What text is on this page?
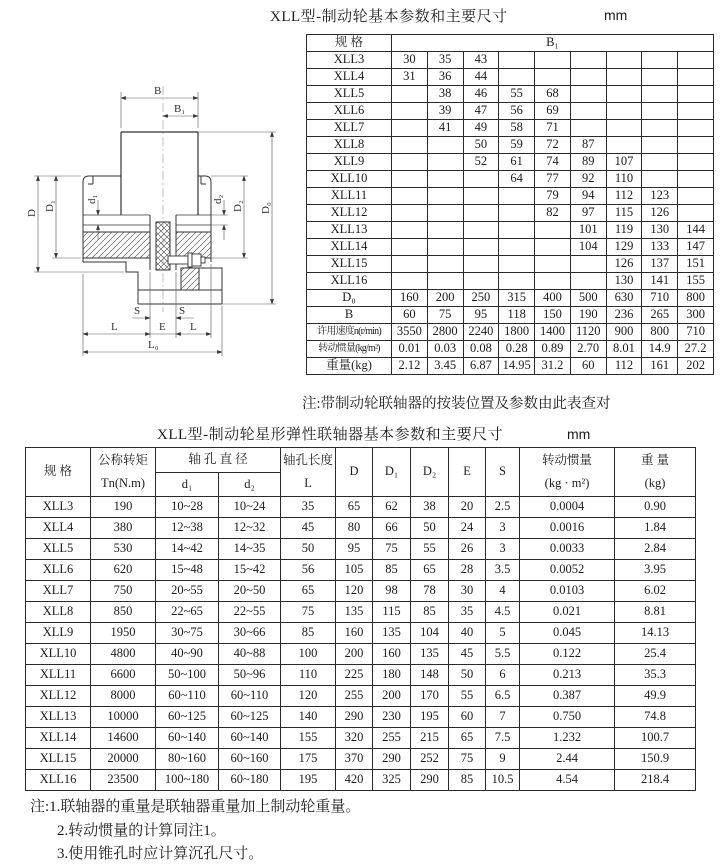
XLL型-制动轮基本参数和主要尺寸	mm
B
B₁
D
D₁
d₁	d₂
D₂ D₀
S	S
L	E L
L₀
规 格	B₁								
XLL3	30	35	43						
XLL4	31	36	44						
XLL5		38	46	55	68				
XLL6		39	47	56	69				
XLL7		41	49	58	71				
XLL8			50	59	72	87			
XLL9			52	61	74	89	107		
XLL10				64	77	92	110		
XLL11					79	94	112	123	
XLL12					82	97	115	126	
XLL13						101	119	130	144
XLL14						104	129	133	147
XLL15							126	137	151
XLL16							130	141	155
D₀	160	200	250	315	400	500	630	710	800
B	60	75	95	118	150	190	236	265	300
许用速度n(r/min)	3550	2800	2240	1800	1400	1120	900	800	710
转动惯量(kg/m²)	0.01	0.03	0.08	0.28	0.89	2.70	8.01	14.9	27.2
重量(kg)	2.12	3.45	6.87	14.95	31.2	60	112	161	202
注:带制动轮联轴器的按装位置及参数由此表查对
XLL型-制动轮星形弹性联轴器基本参数和主要尺寸	mm
规 格	
公称转矩
Tn(N.m)
	轴 孔 直 径	轴孔长度
L
	D	D₁	D₂	E	S	
转动惯量
(kg · m²)

重 量
(kg)

		d₁	d₂								
XLL3	190	10~28	10~24	35	65	62	38	20	2.5	0.0004	0.90
XLL4	380	12~38	12~32	45	80	66	50	24	3	0.0016	1.84
XLL5	530	14~42	14~35	50	95	75	55	26	3	0.0033	2.84
XLL6	620	15~48	15~42	56	105	85	65	28	3.5	0.0052	3.95
XLL7	750	20~55	20~50	65	120	98	78	30	4	0.0103	6.02
XLL8	850	22~65	22~55	75	135	115	85	35	4.5	0.021	8.81
XLL9	1950	30~75	30~66	85	160	135	104	40	5	0.045	14.13
XLL10	4800	40~90	40~88	100	200	160	135	45	5.5	0.122	25.4
XLL11	6600	50~100	50~96	110	225	180	148	50	6	0.213	35.3
XLL12	8000	60~110	60~110	120	255	200	170	55	6.5	0.387	49.9
XLL13	10000	60~125	60~125	140	290	230	195	60	7	0.750	74.8
XLL14	14600	60~140	60~140	155	320	255	215	65	7.5	1.232	100.7
XLL15	20000	80~160	60~160	175	370	290	252	75	9	2.44	150.9
XLL16	23500	100~180	60~180	195	420	325	290	85	10.5	4.54	218.4
注:1.联轴器的重量是联轴器重量加上制动轮重量。
2.转动惯量的计算同注1。
3.使用锥孔时应计算沉孔尺寸。
